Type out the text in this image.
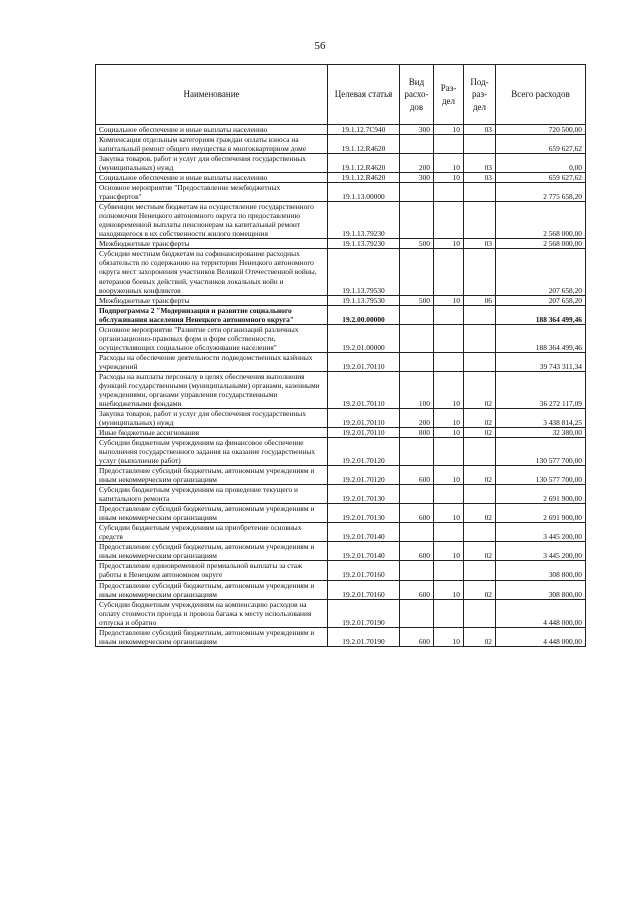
56
Наименование	Целевая статья	Вид расхо- дов	Раз- дел	Под- раз- дел	Всего расходов
Социальное обеспечение и иные выплаты населению	19.1.12.7С940	300	10	03	720 500,00
Компенсация отдельным категориям граждан оплаты взноса на капитальный ремонт общего имущества в многоквартирном доме	19.1.12.R4620				659 627,62
Закупка товаров, работ и услуг для обеспечения государственных (муниципальных) нужд	19.1.12.R4620	200	10	03	0,00
Социальное обеспечение и иные выплаты населению	19.1.12.R4620	300	10	03	659 627,62
Основное мероприятие "Предоставление межбюджетных трансфертов"	19.1.13.00000				2 775 658,20
Субвенции местным бюджетам на осуществление государственного полномочия Ненецкого автономного округа по предоставлению единовременной выплаты пенсионерам на капитальный ремонт находящегося в их собственности жилого помещения	19.1.13.79230				2 568 000,00
Межбюджетные трансферты	19.1.13.79230	500	10	03	2 568 000,00
Субсидии местным бюджетам на софинансирование расходных обязательств по содержанию на территории Ненецкого автономного округа мест захоронения участников Великой Отечественной войны, ветеранов боевых действий, участников локальных войн и вооруженных конфликтов	19.1.13.79530				207 658,20
Межбюджетные трансферты	19.1.13.79530	500	10	06	207 658,20
Подпрограмма 2 "Модернизация и развитие социального обслуживания населения Ненецкого автономного округа"	19.2.00.00000				188 364 499,46
Основное мероприятие "Развитие сети организаций различных организационно-правовых форм и форм собственности, осуществляющих социальное обслуживание населения"	19.2.01.00000				188 364 499,46
Расходы на обеспечение деятельности подведомственных казённых учреждений	19.2.01.70110				39 743 311,34
Расходы на выплаты персоналу в целях обеспечения выполнения функций государственными (муниципальными) органами, казенными учреждениями, органами управления государственными внебюджетными фондами	19.2.01.70110	100	10	02	36 272 117,09
Закупка товаров, работ и услуг для обеспечения государственных (муниципальных) нужд	19.2.01.70110	200	10	02	3 438 814,25
Иные бюджетные ассигнования	19.2.01.70110	800	10	02	32 380,00
Субсидии бюджетным учреждениям на финансовое обеспечение выполнения государственного задания на оказание государственных услуг (выполнение работ)	19.2.01.70120				130 577 700,00
Предоставление субсидий бюджетным, автономным учреждениям и иным некоммерческим организациям	19.2.01.70120	600	10	02	130 577 700,00
Субсидии бюджетным учреждениям на проведение текущего и капитального ремонта	19.2.01.70130				2 691 900,00
Предоставление субсидий бюджетным, автономным учреждениям и иным некоммерческим организациям	19.2.01.70130	600	10	02	2 691 900,00
Субсидии бюджетным учреждениям на приобретение основных средств	19.2.01.70140				3 445 200,00
Предоставление субсидий бюджетным, автономным учреждениям и иным некоммерческим организациям	19.2.01.70140	600	10	02	3 445 200,00
Предоставление единовременной премиальной выплаты за стаж работы в Ненецком автономном округе	19.2.01.70160				308 800,00
Предоставление субсидий бюджетным, автономным учреждениям и иным некоммерческим организациям	19.2.01.70160	600	10	02	308 800,00
Субсидии бюджетным учреждениям на компенсацию расходов на оплату стоимости проезда и провоза багажа к месту использования отпуска и обратно	19.2.01.70190				4 448 000,00
Предоставление субсидий бюджетным, автономным учреждениям и иным некоммерческим организациям	19.2.01.70190	600	10	02	4 448 000,00
